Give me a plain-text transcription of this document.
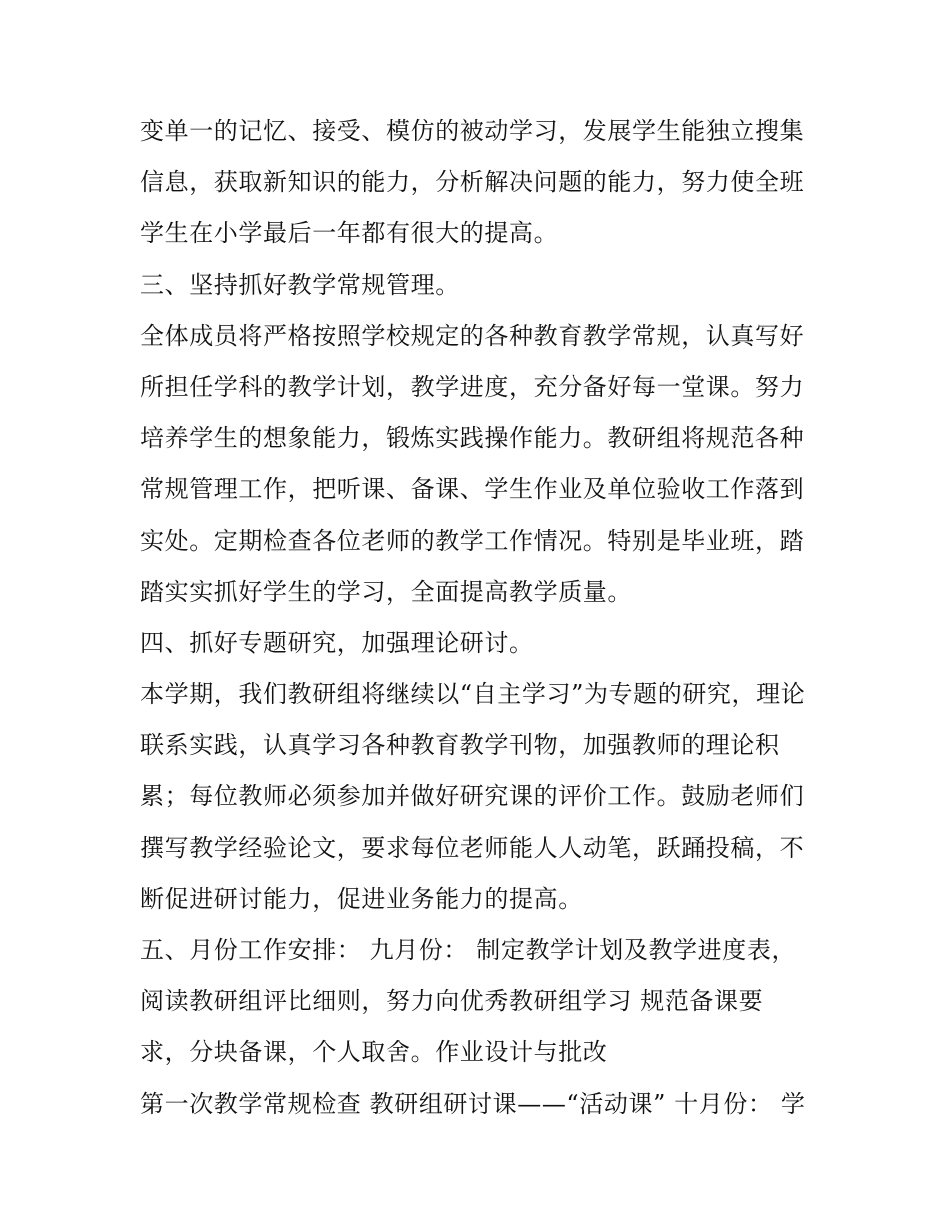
变单一的记忆、接受、模仿的被动学习，发展学生能独立搜集
信息，获取新知识的能力，分析解决问题的能力，努力使全班
学生在小学最后一年都有很大的提高。
三、坚持抓好教学常规管理。
全体成员将严格按照学校规定的各种教育教学常规，认真写好
所担任学科的教学计划，教学进度，充分备好每一堂课。努力
培养学生的想象能力，锻炼实践操作能力。教研组将规范各种
常规管理工作，把听课、备课、学生作业及单位验收工作落到
实处。定期检查各位老师的教学工作情况。特别是毕业班，踏
踏实实抓好学生的学习，全面提高教学质量。
四、抓好专题研究，加强理论研讨。
本学期，我们教研组将继续以“自主学习”为专题的研究，理论
联系实践，认真学习各种教育教学刊物，加强教师的理论积
累；每位教师必须参加并做好研究课的评价工作。鼓励老师们
撰写教学经验论文，要求每位老师能人人动笔，跃踊投稿，不
断促进研讨能力，促进业务能力的提高。
五、月份工作安排： 九月份： 制定教学计划及教学进度表，
阅读教研组评比细则，努力向优秀教研组学习 规范备课要
求，分块备课，个人取舍。作业设计与批改
第一次教学常规检查 教研组研讨课——“活动课” 十月份： 学
